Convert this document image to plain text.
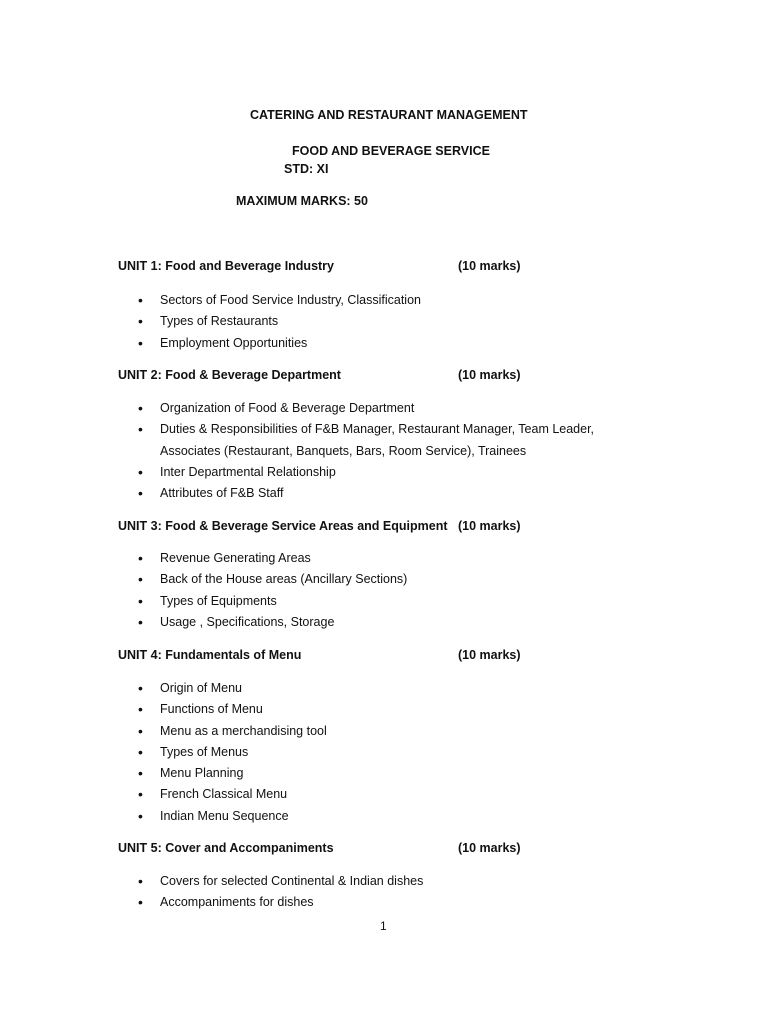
CATERING AND RESTAURANT MANAGEMENT
FOOD AND BEVERAGE SERVICE
STD: XI
MAXIMUM MARKS: 50
UNIT 1: Food and Beverage Industry	(10 marks)
• Sectors of Food Service Industry, Classification
• Types of Restaurants
• Employment Opportunities
UNIT 2: Food & Beverage Department	(10 marks)
• Organization of Food & Beverage Department
• Duties & Responsibilities of F&B Manager, Restaurant Manager, Team Leader, Associates (Restaurant, Banquets, Bars, Room Service), Trainees
• Inter Departmental Relationship
• Attributes of F&B Staff
UNIT 3: Food & Beverage Service Areas and Equipment (10 marks)
• Revenue Generating Areas
• Back of the House areas (Ancillary Sections)
• Types of Equipments
• Usage , Specifications, Storage
UNIT 4: Fundamentals of Menu	(10 marks)
• Origin of Menu
• Functions of Menu
• Menu as a merchandising tool
• Types of Menus
• Menu Planning
• French Classical Menu
• Indian Menu Sequence
UNIT 5: Cover and Accompaniments	(10 marks)
• Covers for selected Continental & Indian dishes
• Accompaniments for dishes
1
